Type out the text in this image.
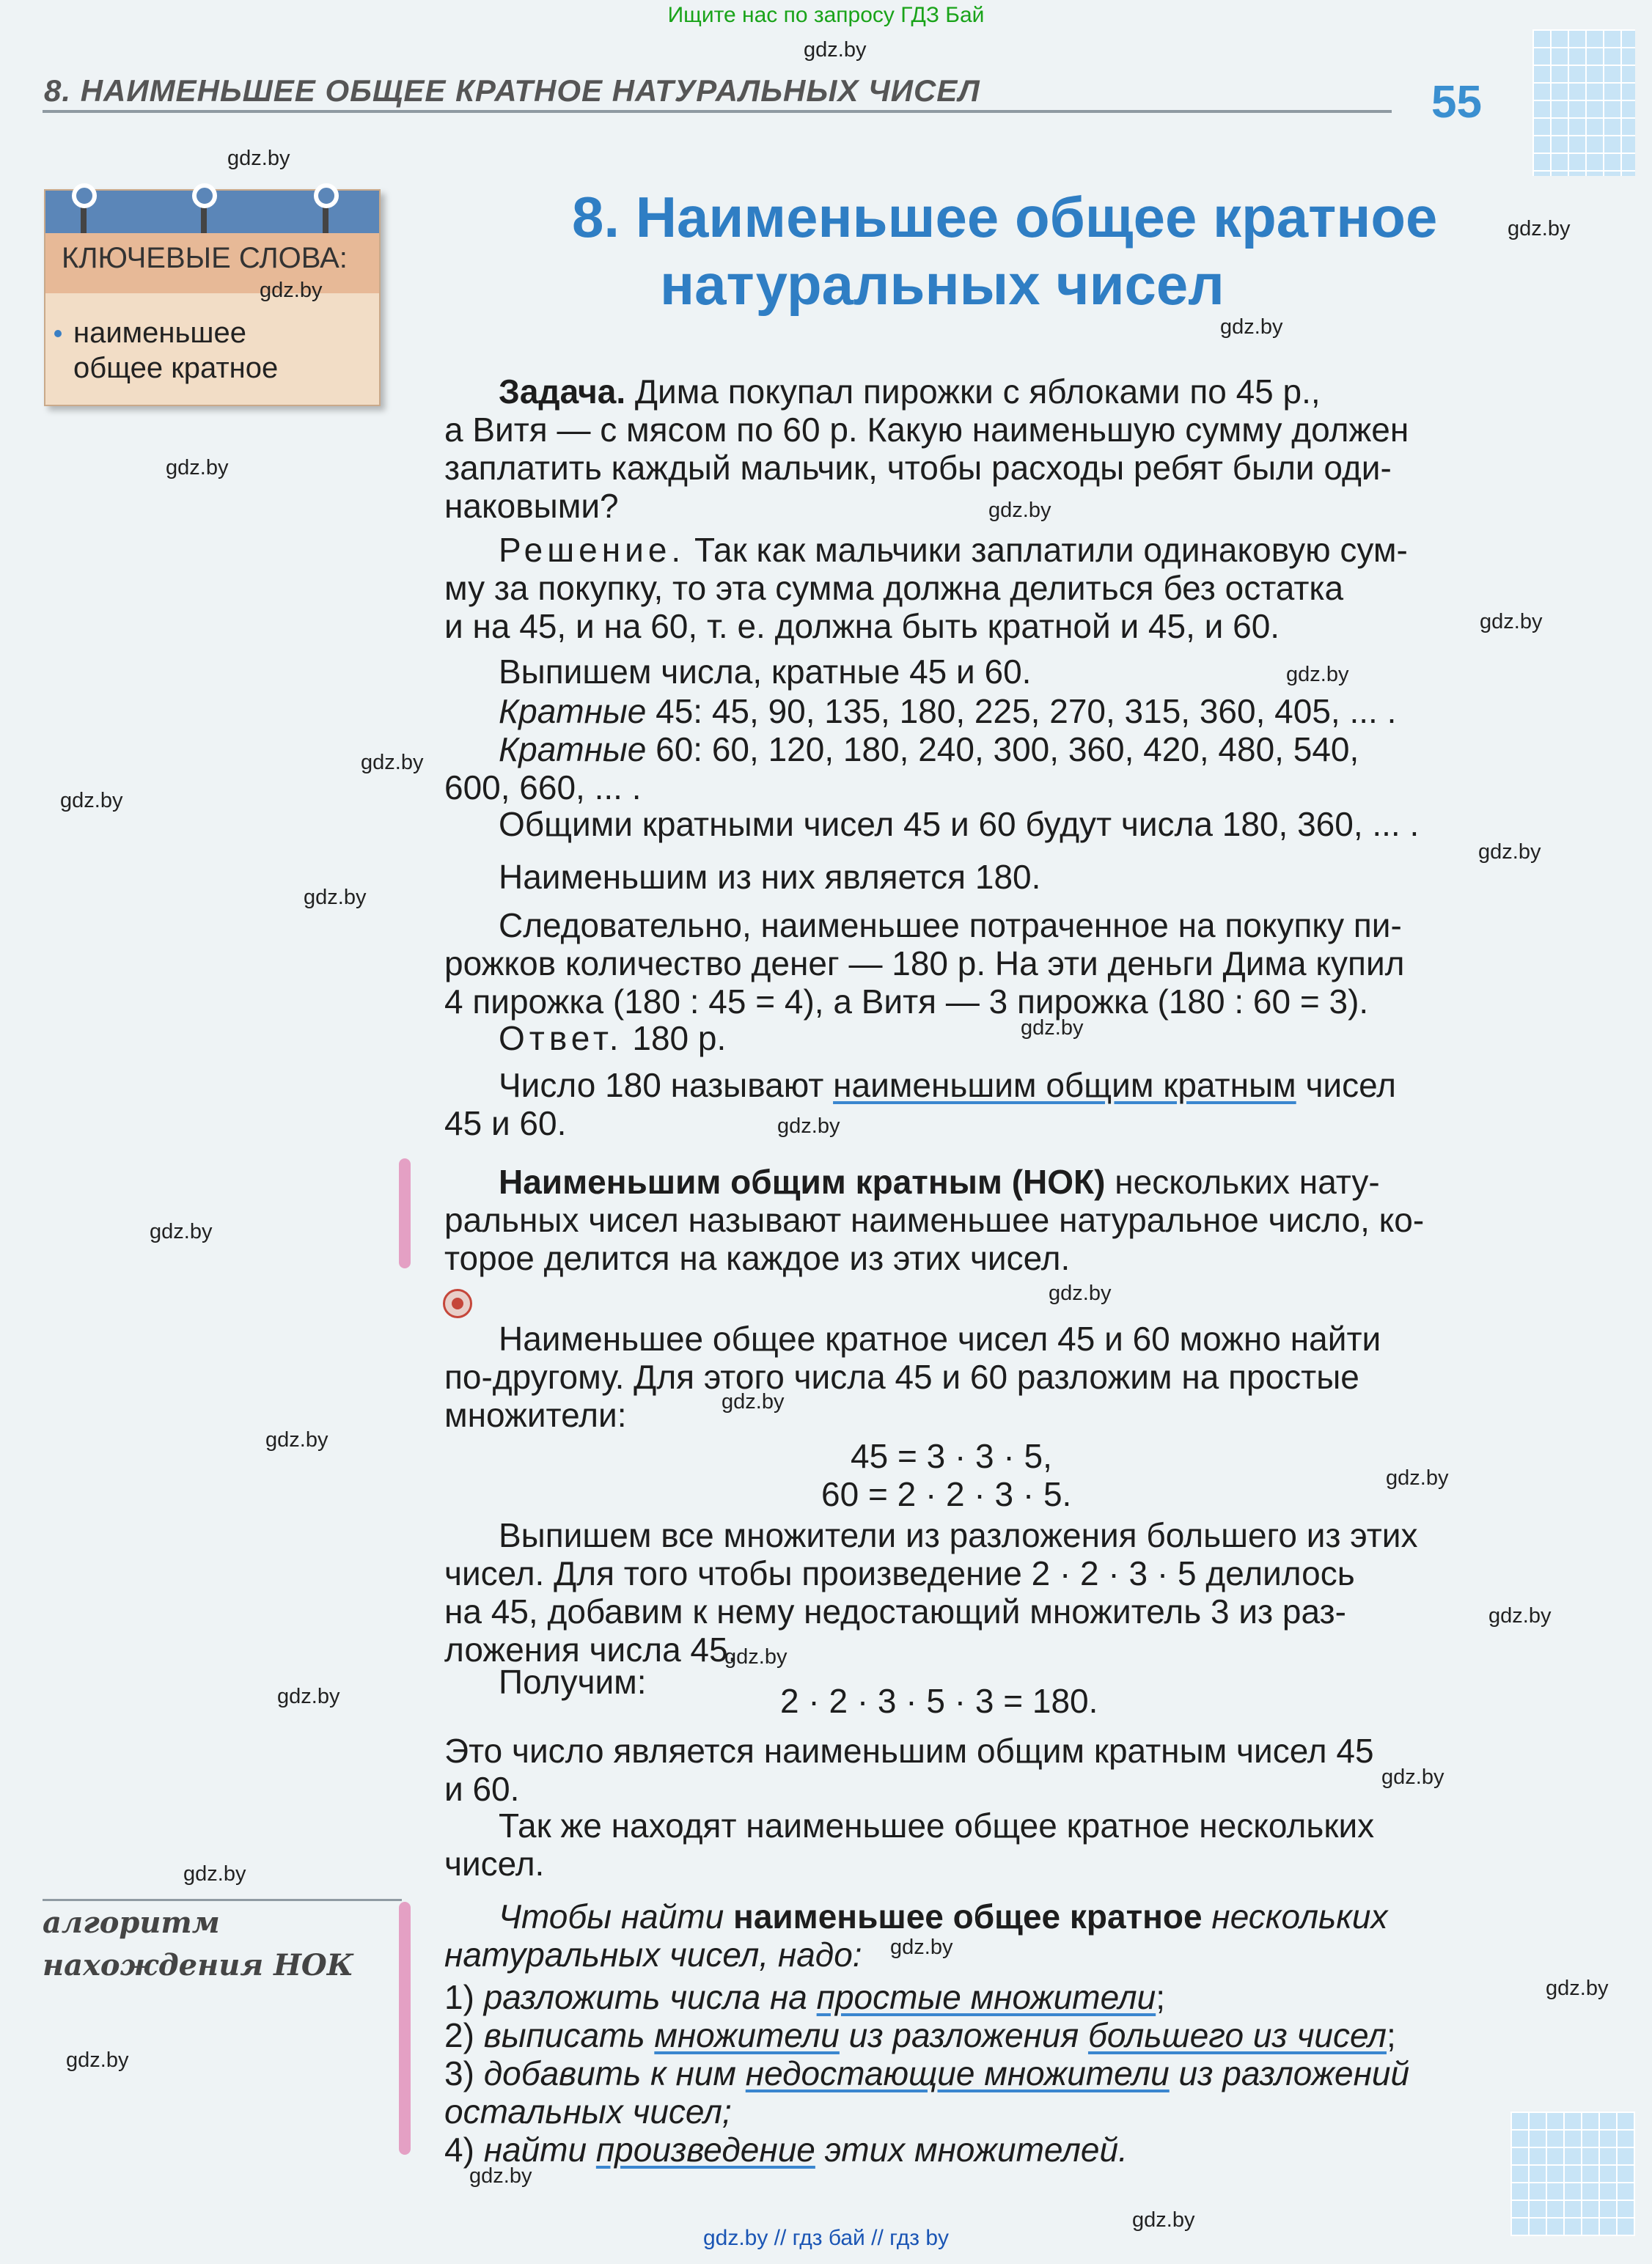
Ищите нас по запросу ГДЗ Бай
gdz.by // гдз бай // гдз by
8. НАИМЕНЬШЕЕ ОБЩЕЕ КРАТНОЕ НАТУРАЛЬНЫХ ЧИСЕЛ	55
КЛЮЧЕВЫЕ СЛОВА:
наименьшее
общее кратное
8. Наименьшее общее кратное
натуральных чисел
Задача. Дима покупал пирожки с яблоками по 45 р.,
а Витя — с мясом по 60 р. Какую наименьшую сумму должен
заплатить каждый мальчик, чтобы расходы ребят были оди-
наковыми?
Решение. Так как мальчики заплатили одинаковую сум-
му за покупку, то эта сумма должна делиться без остатка
и на 45, и на 60, т. е. должна быть кратной и 45, и 60.
Выпишем числа, кратные 45 и 60.
Кратные 45: 45, 90, 135, 180, 225, 270, 315, 360, 405, ... .
Кратные 60: 60, 120, 180, 240, 300, 360, 420, 480, 540,
600, 660, ... .
Общими кратными чисел 45 и 60 будут числа 180, 360, ... .
Наименьшим из них является 180.
Следовательно, наименьшее потраченное на покупку пи-
рожков количество денег — 180 р. На эти деньги Дима купил
4 пирожка (180 : 45 = 4), а Витя — 3 пирожка (180 : 60 = 3).
Ответ. 180 р.
Число 180 называют наименьшим общим кратным чисел
45 и 60.
Наименьшим общим кратным (НОК) нескольких нату-
ральных чисел называют наименьшее натуральное число, ко-
торое делится на каждое из этих чисел.
Наименьшее общее кратное чисел 45 и 60 можно найти
по-другому. Для этого числа 45 и 60 разложим на простые
множители:
45 = 3 · 3 · 5,
60 = 2 · 2 · 3 · 5.
Выпишем все множители из разложения большего из этих
чисел. Для того чтобы произведение 2 · 2 · 3 · 5 делилось
на 45, добавим к нему недостающий множитель 3 из раз-
ложения числа 45.
Получим:	2 · 2 · 3 · 5 · 3 = 180.
Это число является наименьшим общим кратным чисел 45
и 60.
Так же находят наименьшее общее кратное нескольких
чисел.
алгоритм
нахождения НОК
Чтобы найти наименьшее общее кратное нескольких
натуральных чисел, надо:
1) разложить числа на простые множители;
2) выписать множители из разложения большего из чисел;
3) добавить к ним недостающие множители из разложений
остальных чисел;
4) найти произведение этих множителей.
gdz.by
gdz.by
gdz.by
gdz.by
gdz.by
gdz.by
gdz.by
gdz.by
gdz.by
gdz.by
gdz.by
gdz.by
gdz.by
gdz.by
gdz.by
gdz.by
gdz.by
gdz.by
gdz.by
gdz.by
gdz.by
gdz.by
gdz.by
gdz.by
gdz.by
gdz.by
gdz.by
gdz.by
gdz.by
gdz.by
